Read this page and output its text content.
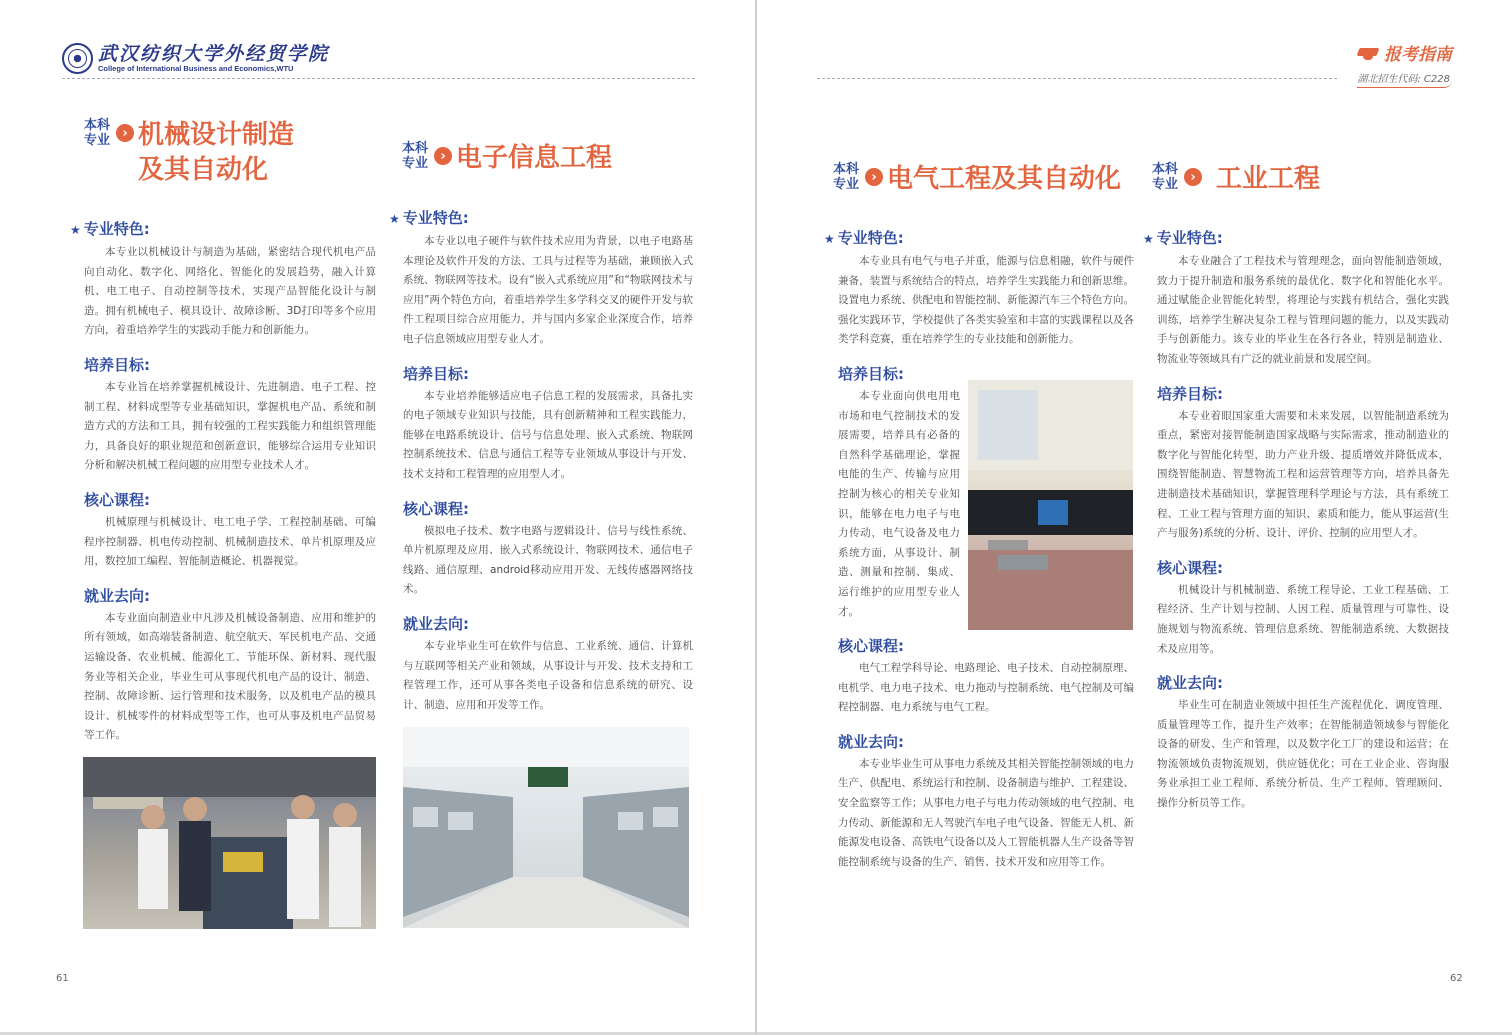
武汉纺织大学外经贸学院
College of International Business and Economics,WTU
报考指南
湖北招生代码: C228
本科
专业 › 机械设计制造
及其自动化
本科
专业 › 电子信息工程	本科
专业 › 电气工程及其自动化 本科
专业 › 工业工程
★ 专业特色:

本专业以机械设计与制造为基础，紧密结合现代机电产品向自动化、数字化、网络化、智能化的发展趋势，融入计算机、电工电子、自动控制等技术，实现产品智能化设计与制造。拥有机械电子、模具设计、故障诊断、3D打印等多个应用方向，着重培养学生的实践动手能力和创新能力。

培养目标:

本专业旨在培养掌握机械设计、先进制造、电子工程、控制工程、材料成型等专业基础知识，掌握机电产品、系统和制造方式的方法和工具，拥有较强的工程实践能力和组织管理能力，具备良好的职业规范和创新意识，能够综合运用专业知识分析和解决机械工程问题的应用型专业技术人才。

核心课程:

机械原理与机械设计、电工电子学、工程控制基础、可编程序控制器、机电传动控制、机械制造技术、单片机原理及应用，数控加工编程、智能制造概论、机器视觉。

就业去向:

本专业面向制造业中凡涉及机械设备制造、应用和维护的所有领域，如高端装备制造、航空航天、军民机电产品、交通运输设备、农业机械、能源化工、节能环保、新材料、现代服务业等相关企业，毕业生可从事现代机电产品的设计、制造、控制、故障诊断、运行管理和技术服务，以及机电产品的模具设计、机械零件的材料成型等工作，也可从事及机电产品贸易等工作。

★ 专业特色:

本专业以电子硬件与软件技术应用为背景，以电子电路基本理论及软件开发的方法、工具与过程等为基础，兼顾嵌入式系统、物联网等技术。设有“嵌入式系统应用”和“物联网技术与应用”两个特色方向，着重培养学生多学科交叉的硬件开发与软件工程项目综合应用能力，并与国内多家企业深度合作，培养电子信息领域应用型专业人才。

培养目标:

本专业培养能够适应电子信息工程的发展需求，具备扎实的电子领域专业知识与技能，具有创新精神和工程实践能力，能够在电路系统设计、信号与信息处理、嵌入式系统、物联网控制系统技术、信息与通信工程等专业领域从事设计与开发、技术支持和工程管理的应用型人才。

核心课程:

模拟电子技术、数字电路与逻辑设计、信号与线性系统、单片机原理及应用、嵌入式系统设计、物联网技术、通信电子线路、通信原理、android移动应用开发、无线传感器网络技术。

就业去向:

本专业毕业生可在软件与信息、工业系统、通信、计算机与互联网等相关产业和领域，从事设计与开发、技术支持和工程管理工作，还可从事各类电子设备和信息系统的研究、设计、制造、应用和开发等工作。

★ 专业特色:

本专业具有电气与电子并重，能源与信息相融，软件与硬件兼备，装置与系统结合的特点，培养学生实践能力和创新思维。设置电力系统、供配电和智能控制、新能源汽车三个特色方向。强化实践环节，学校提供了各类实验室和丰富的实践课程以及各类学科竞赛，重在培养学生的专业技能和创新能力。

培养目标:

本专业面向供电用电市场和电气控制技术的发展需要，培养具有必备的自然科学基础理论，掌握电能的生产、传输与应用控制为核心的相关专业知识，能够在电力电子与电力传动，电气设备及电力系统方面，从事设计、制造、测量和控制、集成、运行维护的应用型专业人才。

核心课程:

电气工程学科导论、电路理论、电子技术、自动控制原理、电机学、电力电子技术、电力拖动与控制系统、电气控制及可编程控制器、电力系统与电气工程。

就业去向:

本专业毕业生可从事电力系统及其相关智能控制领域的电力生产、供配电、系统运行和控制、设备制造与维护、工程建设、安全监察等工作；从事电力电子与电力传动领域的电气控制、电力传动、新能源和无人驾驶汽车电子电气设备、智能无人机、新能源发电设备、高铁电气设备以及人工智能机器人生产设备等智能控制系统与设备的生产、销售、技术开发和应用等工作。

★ 专业特色:

本专业融合了工程技术与管理理念，面向智能制造领域，致力于提升制造和服务系统的最优化、数字化和智能化水平。通过赋能企业智能化转型，将理论与实践有机结合，强化实践训练，培养学生解决复杂工程与管理问题的能力，以及实践动手与创新能力。该专业的毕业生在各行各业，特别是制造业、物流业等领域具有广泛的就业前景和发展空间。

培养目标:

本专业着眼国家重大需要和未来发展，以智能制造系统为重点，紧密对接智能制造国家战略与实际需求，推动制造业的数字化与智能化转型，助力产业升级、提质增效并降低成本，围绕智能制造、智慧物流工程和运营管理等方向，培养具备先进制造技术基础知识，掌握管理科学理论与方法，具有系统工程、工业工程与管理方面的知识、素质和能力，能从事运营(生产与服务)系统的分析、设计、评价、控制的应用型人才。

核心课程:

机械设计与机械制造、系统工程导论、工业工程基础、工程经济、生产计划与控制、人因工程、质量管理与可靠性、设施规划与物流系统、管理信息系统、智能制造系统、大数据技术及应用等。

就业去向:

毕业生可在制造业领域中担任生产流程优化、调度管理、质量管理等工作，提升生产效率；在智能制造领域参与智能化设备的研发、生产和管理，以及数字化工厂的建设和运营；在物流领域负责物流规划，供应链优化；可在工业企业、咨询服务业承担工业工程师、系统分析员、生产工程师、管理顾问、操作分析员等工作。

61	62
